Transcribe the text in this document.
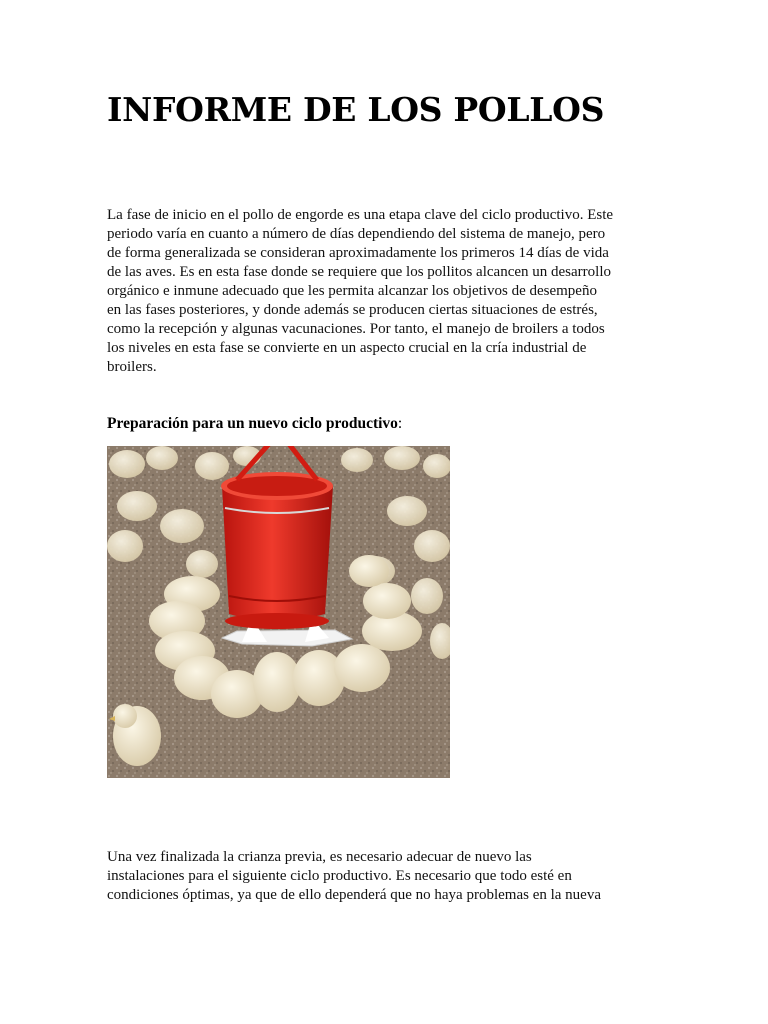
INFORME DE LOS POLLOS
La fase de inicio en el pollo de engorde es una etapa clave del ciclo productivo. Este
periodo varía en cuanto a número de días dependiendo del sistema de manejo, pero
de forma generalizada se consideran aproximadamente los primeros 14 días de vida
de las aves. Es en esta fase donde se requiere que los pollitos alcancen un desarrollo
orgánico e inmune adecuado que les permita alcanzar los objetivos de desempeño
en las fases posteriores, y donde además se producen ciertas situaciones de estrés,
como la recepción y algunas vacunaciones. Por tanto, el manejo de broilers a todos
los niveles en esta fase se convierte en un aspecto crucial en la cría industrial de
broilers.

Preparación para un nuevo ciclo productivo:

Una vez finalizada la crianza previa, es necesario adecuar de nuevo las
instalaciones para el siguiente ciclo productivo. Es necesario que todo esté en
condiciones óptimas, ya que de ello dependerá que no haya problemas en la nueva
